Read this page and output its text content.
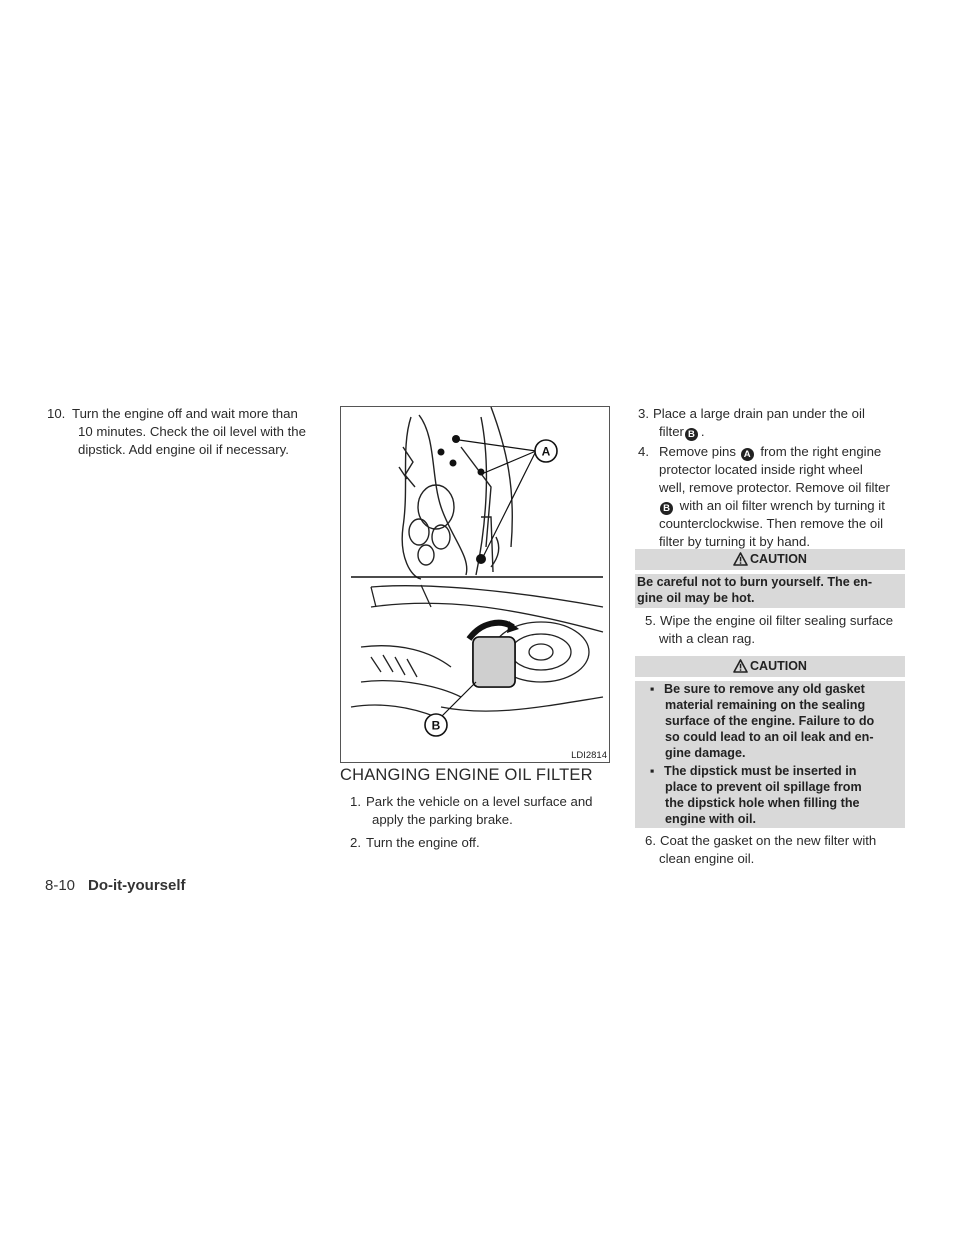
10. Turn the engine off and wait more than
10 minutes. Check the oil level with the
dipstick. Add engine oil if necessary.	A
B
LDI2814
CHANGING ENGINE OIL FILTER
1. Park the vehicle on a level surface and
apply the parking brake.
2. Turn the engine off.
3. Place a large drain pan under the oil
filter B .
4. Remove pins A from the right engine
protector located inside right wheel
well, remove protector. Remove oil filter
B with an oil filter wrench by turning it
counterclockwise. Then remove the oil
filter by turning it by hand.
CAUTION
Be careful not to burn yourself. The en-
gine oil may be hot.
5. Wipe the engine oil filter sealing surface
with a clean rag.
CAUTION
▪ Be sure to remove any old gasket
material remaining on the sealing
surface of the engine. Failure to do
so could lead to an oil leak and en-
gine damage.
▪ The dipstick must be inserted in
place to prevent oil spillage from
the dipstick hole when filling the
engine with oil.
6. Coat the gasket on the new filter with
clean engine oil.
8-10 Do-it-yourself
